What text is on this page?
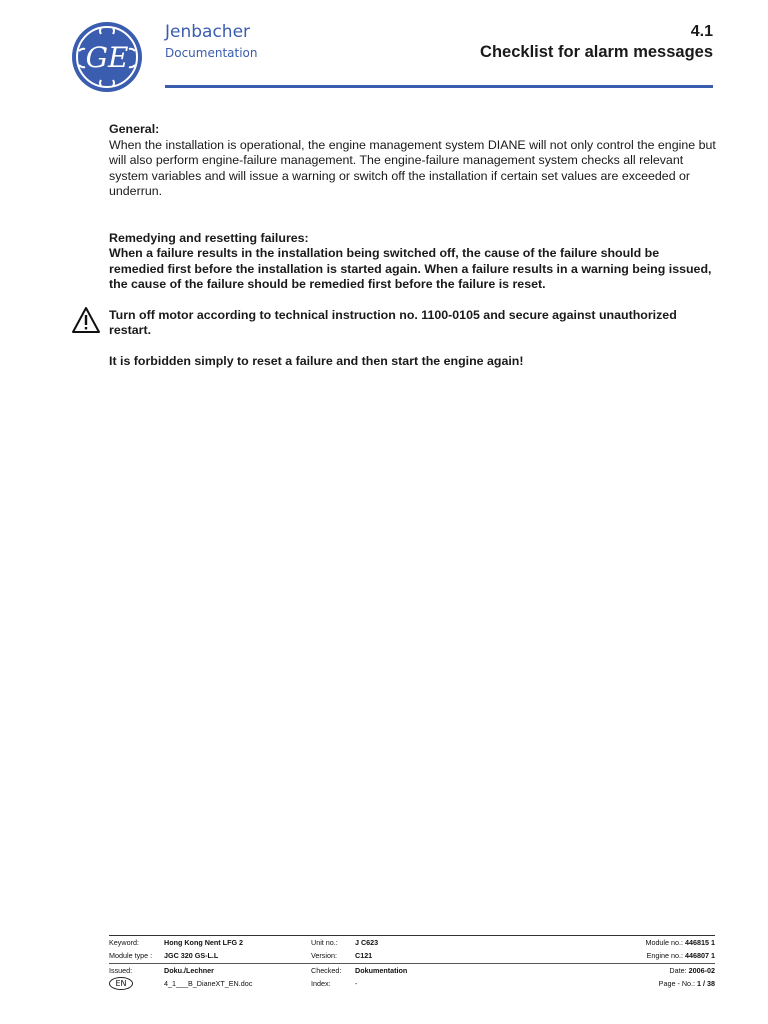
GE
Jenbacher
Documentation
4.1
Checklist for alarm messages
General:
When the installation is operational, the engine management system DIANE will not only control the engine but will also perform engine-failure management. The engine-failure management system checks all relevant system variables and will issue a warning or switch off the installation if certain set values are exceeded or underrun.
Remedying and resetting failures:
When a failure results in the installation being switched off, the cause of the failure should be remedied first before the installation is started again. When a failure results in a warning being issued, the cause of the failure should be remedied first before the failure is reset.
Turn off motor according to technical instruction no. 1100-0105 and secure against unauthorized restart.
It is forbidden simply to reset a failure and then start the engine again!
Keyword:	Hong Kong Nent LFG 2	Unit no.: J C623	Module no.: 446815 1
Module type : JGC 320 GS-L.L	Version:	C121	Engine no.: 446807 1
Issued:	Doku./Lechner	Checked: Dokumentation	Date: 2006-02
EN	4_1___B_DianeXT_EN.doc	Index:	-	Page - No.: 1 / 38
